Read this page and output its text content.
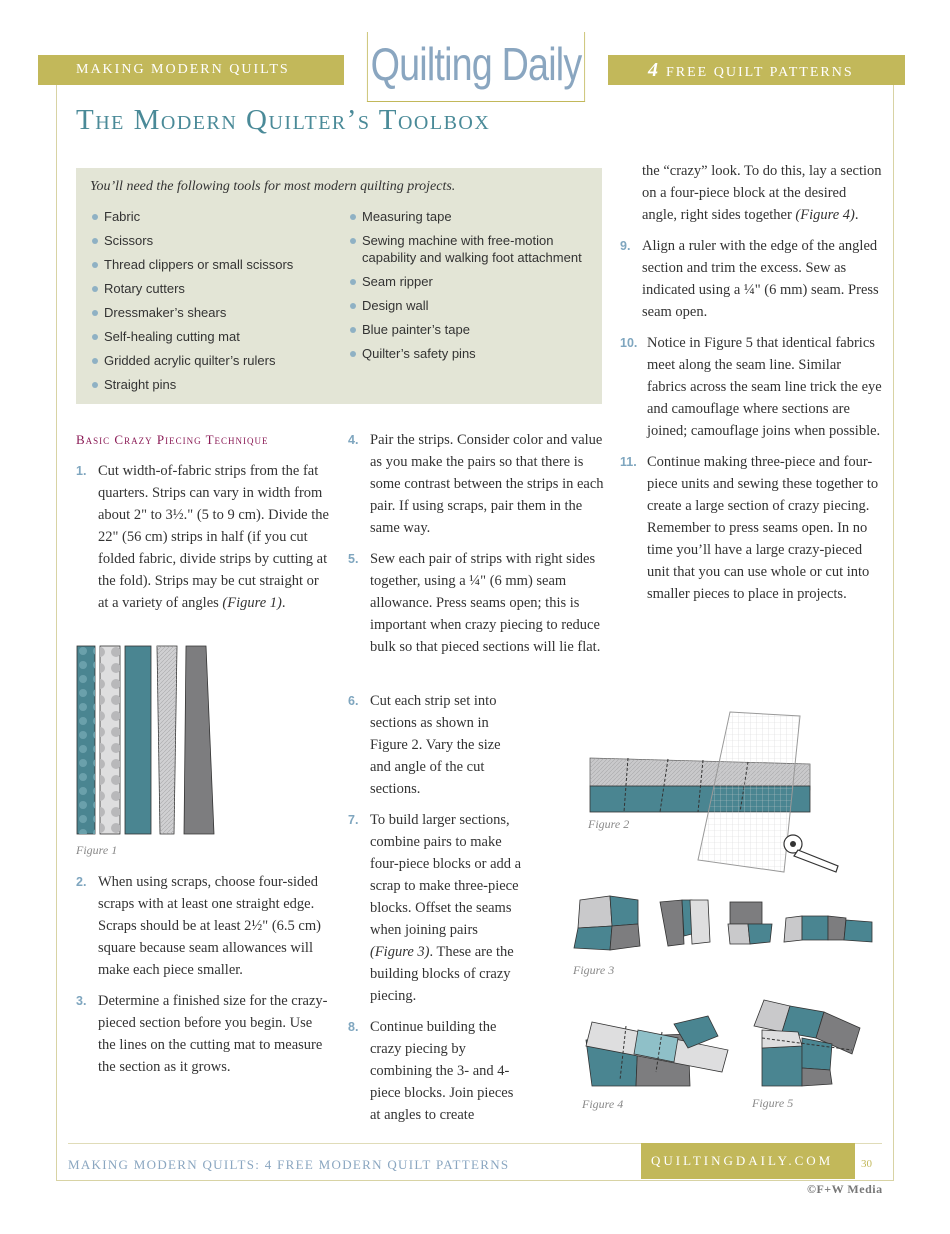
MAKING MODERN QUILTS	4 FREE QUILT PATTERNS
Quilting Daily
The Modern Quilter’s Toolbox
You’ll need the following tools for most modern quilting projects.
Fabric
Scissors
Thread clippers or small scissors
Rotary cutters
Dressmaker’s shears
Self-healing cutting mat
Gridded acrylic quilter’s rulers
Straight pins
Measuring tape
Sewing machine with free-motion capability and walking foot attachment
Seam ripper
Design wall
Blue painter’s tape
Quilter’s safety pins
Basic Crazy Piecing Technique
1. Cut width-of-fabric strips from the fat quarters. Strips can vary in width from about 2" to 3½." (5 to 9 cm). Divide the 22" (56 cm) strips in half (if you cut folded fabric, divide strips by cutting at the fold). Strips may be cut straight or at a variety of angles (Figure 1).
Figure 1
2. When using scraps, choose four-sided scraps with at least one straight edge. Scraps should be at least 2½" (6.5 cm) square because seam allowances will make each piece smaller.
3. Determine a finished size for the crazy-pieced section before you begin. Use the lines on the cutting mat to measure the section as it grows.
4. Pair the strips. Consider color and value as you make the pairs so that there is some contrast between the strips in each pair. If using scraps, pair them in the same way.
5. Sew each pair of strips with right sides together, using a ¼" (6 mm) seam allowance. Press seams open; this is important when crazy piecing to reduce bulk so that pieced sections will lie flat.
6. Cut each strip set into sections as shown in Figure 2. Vary the size and angle of the cut sections.
7. To build larger sections, combine pairs to make four-piece blocks or add a scrap to make three-piece blocks. Offset the seams when joining pairs (Figure 3). These are the building blocks of crazy piecing.
8. Continue building the crazy piecing by combining the 3- and 4-piece blocks. Join pieces at angles to create
the “crazy” look. To do this, lay a section on a four-piece block at the desired angle, right sides together (Figure 4).
9. Align a ruler with the edge of the angled section and trim the excess. Sew as indicated using a ¼" (6 mm) seam. Press seam open.
10. Notice in Figure 5 that identical fabrics meet along the seam line. Similar fabrics across the seam line trick the eye and camouflage where sections are joined; camouflage joins when possible.
11. Continue making three-piece and four-piece units and sewing these together to create a large section of crazy piecing. Remember to press seams open. In no time you’ll have a large crazy-pieced unit that you can use whole or cut into smaller pieces to place in projects.
Figure 2
Figure 3
Figure 4	Figure 5
MAKING MODERN QUILTS: 4 FREE MODERN QUILT PATTERNS	QUILTINGDAILY.COM	30
©F+W Media
